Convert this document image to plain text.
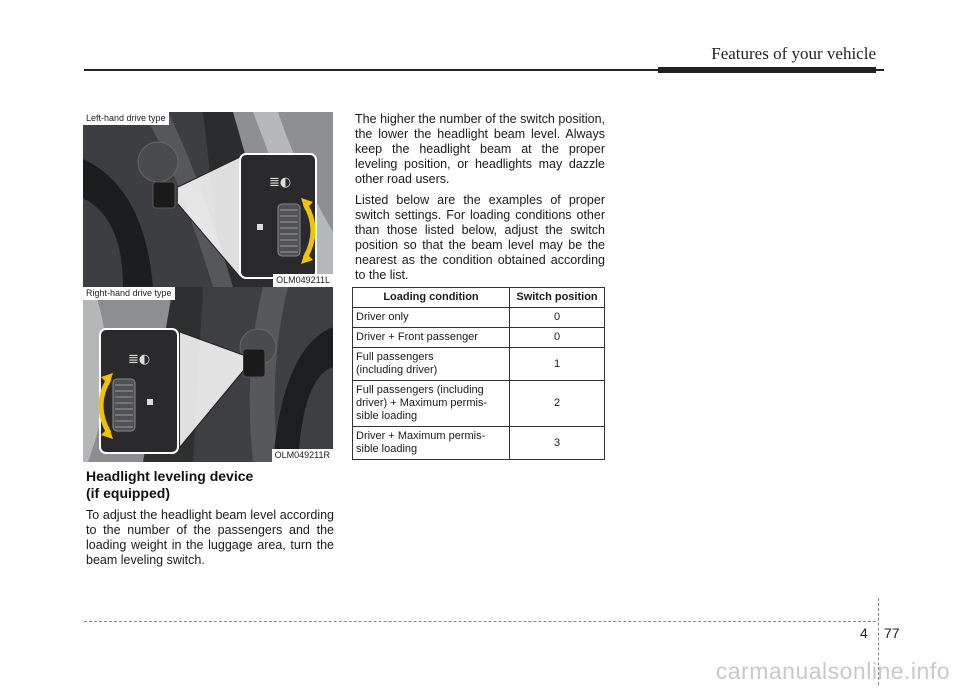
Features of your vehicle
≣◐
Left-hand drive type
OLM049211L
≣◐
Right-hand drive type
OLM049211R
Headlight leveling device
(if equipped)

To adjust the headlight beam level according to the number of the passengers and the loading weight in the luggage area, turn the beam leveling switch.

The higher the number of the switch position, the lower the headlight beam level. Always keep the headlight beam at the proper leveling position, or headlights may dazzle other road users.

Listed below are the examples of proper switch settings. For loading conditions other than those listed below, adjust the switch position so that the beam level may be the nearest as the condition obtained according to the list.

Loading condition	Switch position
Driver only	0
Driver + Front passenger	0
Full passengers
(including driver)	1
Full passengers (including
driver) + Maximum permis-
sible loading	2
Driver + Maximum permis-
sible loading	3
4 77
carmanualsonline.info
